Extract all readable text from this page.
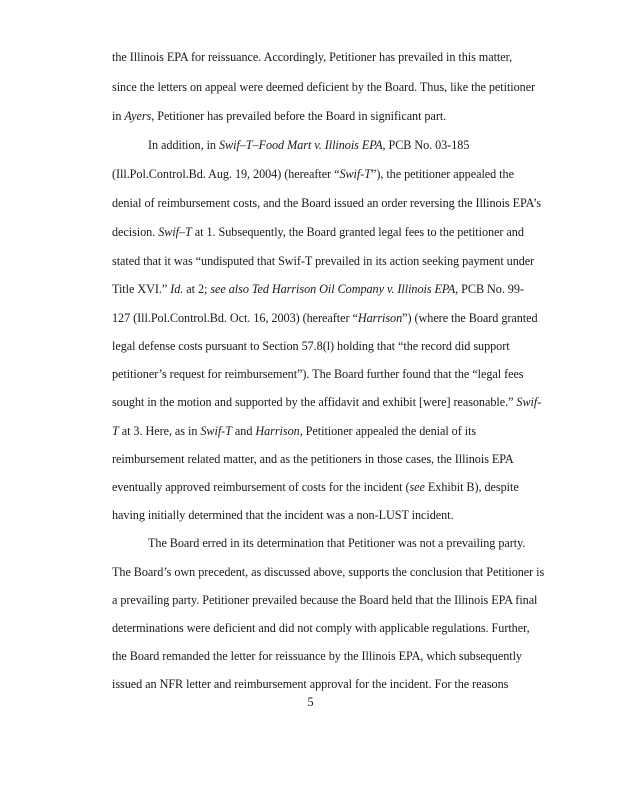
the Illinois EPA for reissuance. Accordingly, Petitioner has prevailed in this matter,
since the letters on appeal were deemed deficient by the Board. Thus, like the petitioner
in Ayers, Petitioner has prevailed before the Board in significant part.
In addition, in Swif–T–Food Mart v. Illinois EPA, PCB No. 03-185
(Ill.Pol.Control.Bd. Aug. 19, 2004) (hereafter “Swif-T”), the petitioner appealed the
denial of reimbursement costs, and the Board issued an order reversing the Illinois EPA’s
decision. Swif–T at 1. Subsequently, the Board granted legal fees to the petitioner and
stated that it was “undisputed that Swif-T prevailed in its action seeking payment under
Title XVI.” Id. at 2; see also Ted Harrison Oil Company v. Illinois EPA, PCB No. 99-
127 (Ill.Pol.Control.Bd. Oct. 16, 2003) (hereafter “Harrison”) (where the Board granted
legal defense costs pursuant to Section 57.8(l) holding that “the record did support
petitioner’s request for reimbursement”). The Board further found that the “legal fees
sought in the motion and supported by the affidavit and exhibit [were] reasonable.” Swif-
T at 3. Here, as in Swif-T and Harrison, Petitioner appealed the denial of its
reimbursement related matter, and as the petitioners in those cases, the Illinois EPA
eventually approved reimbursement of costs for the incident (see Exhibit B), despite
having initially determined that the incident was a non-LUST incident.
The Board erred in its determination that Petitioner was not a prevailing party.
The Board’s own precedent, as discussed above, supports the conclusion that Petitioner is
a prevailing party. Petitioner prevailed because the Board held that the Illinois EPA final
determinations were deficient and did not comply with applicable regulations. Further,
the Board remanded the letter for reissuance by the Illinois EPA, which subsequently
issued an NFR letter and reimbursement approval for the incident. For the reasons
5
